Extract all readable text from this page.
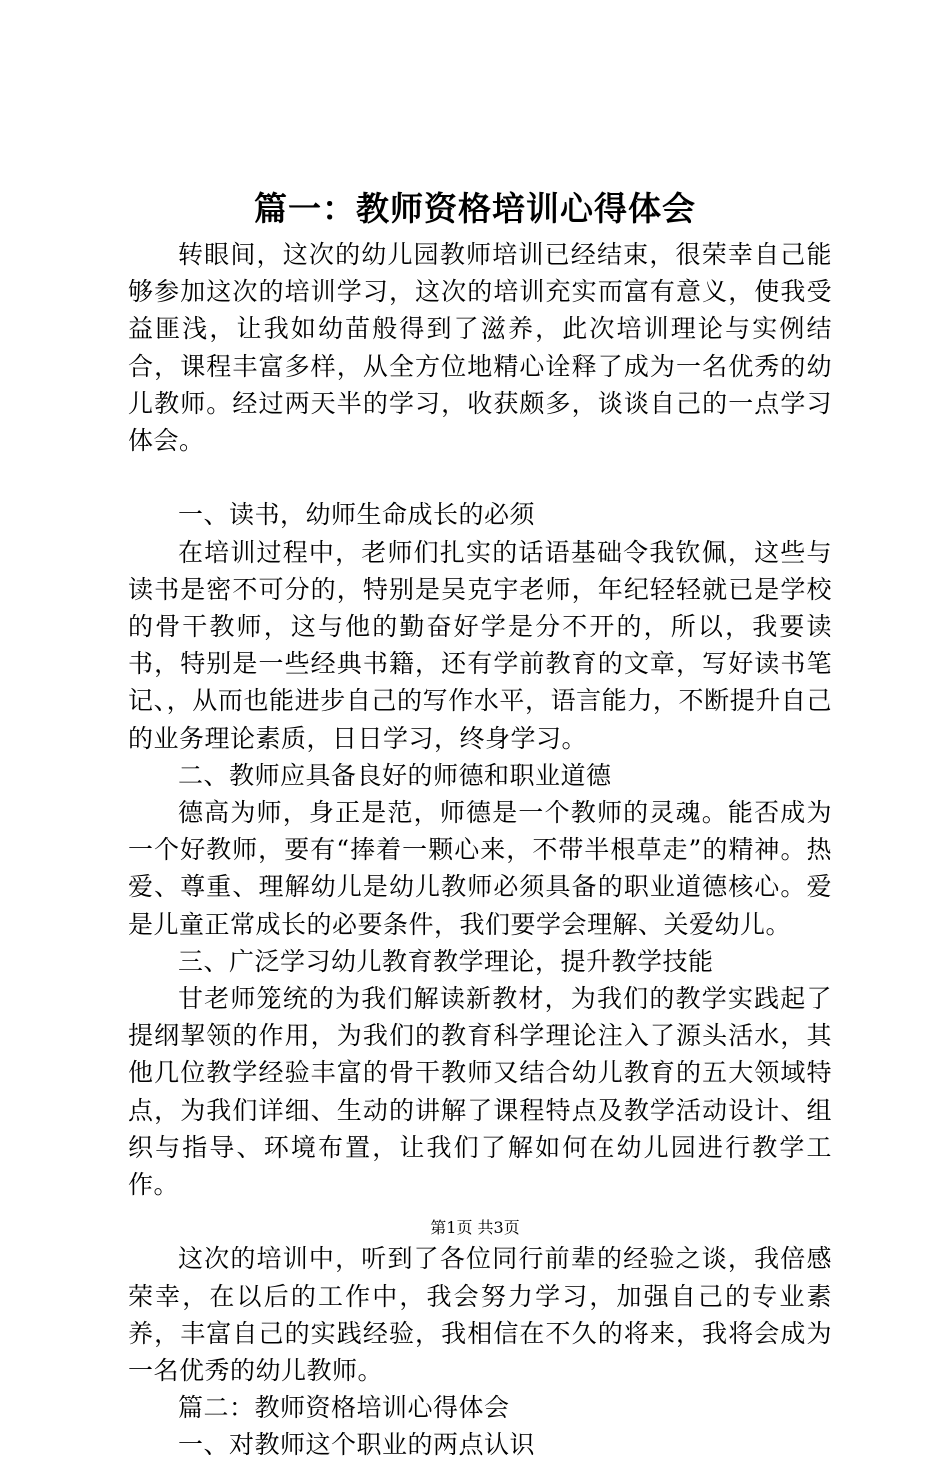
篇一：教师资格培训心得体会

转眼间，这次的幼儿园教师培训已经结束，很荣幸自己能够参加这次的培训学习，这次的培训充实而富有意义，使我受益匪浅，让我如幼苗般得到了滋养，此次培训理论与实例结合，课程丰富多样，从全方位地精心诠释了成为一名优秀的幼儿教师。经过两天半的学习，收获颇多，谈谈自己的一点学习体会。

一、读书，幼师生命成长的必须

在培训过程中，老师们扎实的话语基础令我钦佩，这些与读书是密不可分的，特别是吴克宇老师，年纪轻轻就已是学校的骨干教师，这与他的勤奋好学是分不开的，所以，我要读书，特别是一些经典书籍，还有学前教育的文章，写好读书笔记、，从而也能进步自己的写作水平，语言能力，不断提升自己的业务理论素质，日日学习，终身学习。

二、教师应具备良好的师德和职业道德

德高为师，身正是范，师德是一个教师的灵魂。能否成为一个好教师，要有“捧着一颗心来，不带半根草走”的精神。热爱、尊重、理解幼儿是幼儿教师必须具备的职业道德核心。爱是儿童正常成长的必要条件，我们要学会理解、关爱幼儿。

三、广泛学习幼儿教育教学理论，提升教学技能

甘老师笼统的为我们解读新教材，为我们的教学实践起了提纲挈领的作用，为我们的教育科学理论注入了源头活水，其他几位教学经验丰富的骨干教师又结合幼儿教育的五大领域特点，为我们详细、生动的讲解了课程特点及教学活动设计、组织与指导、环境布置，让我们了解如何在幼儿园进行教学工作。

这次的培训中，听到了各位同行前辈的经验之谈，我倍感荣幸，在以后的工作中，我会努力学习，加强自己的专业素养，丰富自己的实践经验，我相信在不久的将来，我将会成为一名优秀的幼儿教师。

篇二：教师资格培训心得体会

一、对教师这个职业的两点认识

第1页 共3页
